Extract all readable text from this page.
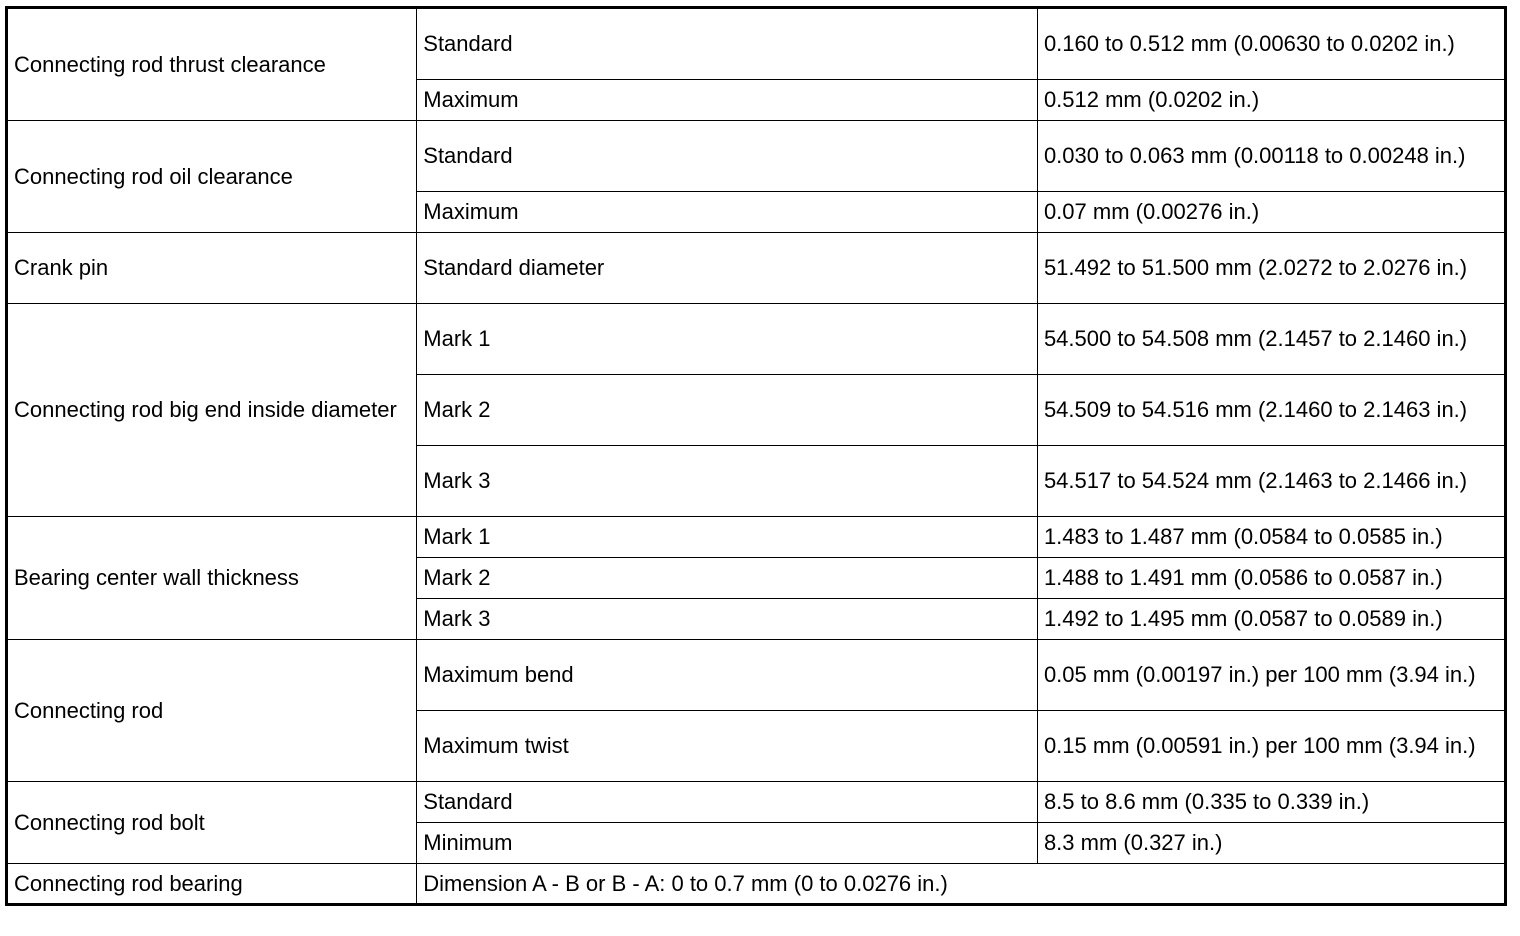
Connecting rod thrust clearance	Standard	0.160 to 0.512 mm (0.00630 to 0.0202 in.)
	Maximum	0.512 mm (0.0202 in.)
Connecting rod oil clearance	Standard	0.030 to 0.063 mm (0.00118 to 0.00248 in.)
	Maximum	0.07 mm (0.00276 in.)
Crank pin	Standard diameter	51.492 to 51.500 mm (2.0272 to 2.0276 in.)
Connecting rod big end inside diameter	Mark 1	54.500 to 54.508 mm (2.1457 to 2.1460 in.)
	Mark 2	54.509 to 54.516 mm (2.1460 to 2.1463 in.)
	Mark 3	54.517 to 54.524 mm (2.1463 to 2.1466 in.)
Bearing center wall thickness	Mark 1	1.483 to 1.487 mm (0.0584 to 0.0585 in.)
	Mark 2	1.488 to 1.491 mm (0.0586 to 0.0587 in.)
	Mark 3	1.492 to 1.495 mm (0.0587 to 0.0589 in.)
Connecting rod	Maximum bend	0.05 mm (0.00197 in.) per 100 mm (3.94 in.)
	Maximum twist	0.15 mm (0.00591 in.) per 100 mm (3.94 in.)
Connecting rod bolt	Standard	8.5 to 8.6 mm (0.335 to 0.339 in.)
	Minimum	8.3 mm (0.327 in.)
Connecting rod bearing	Dimension A - B or B - A: 0 to 0.7 mm (0 to 0.0276 in.)	
